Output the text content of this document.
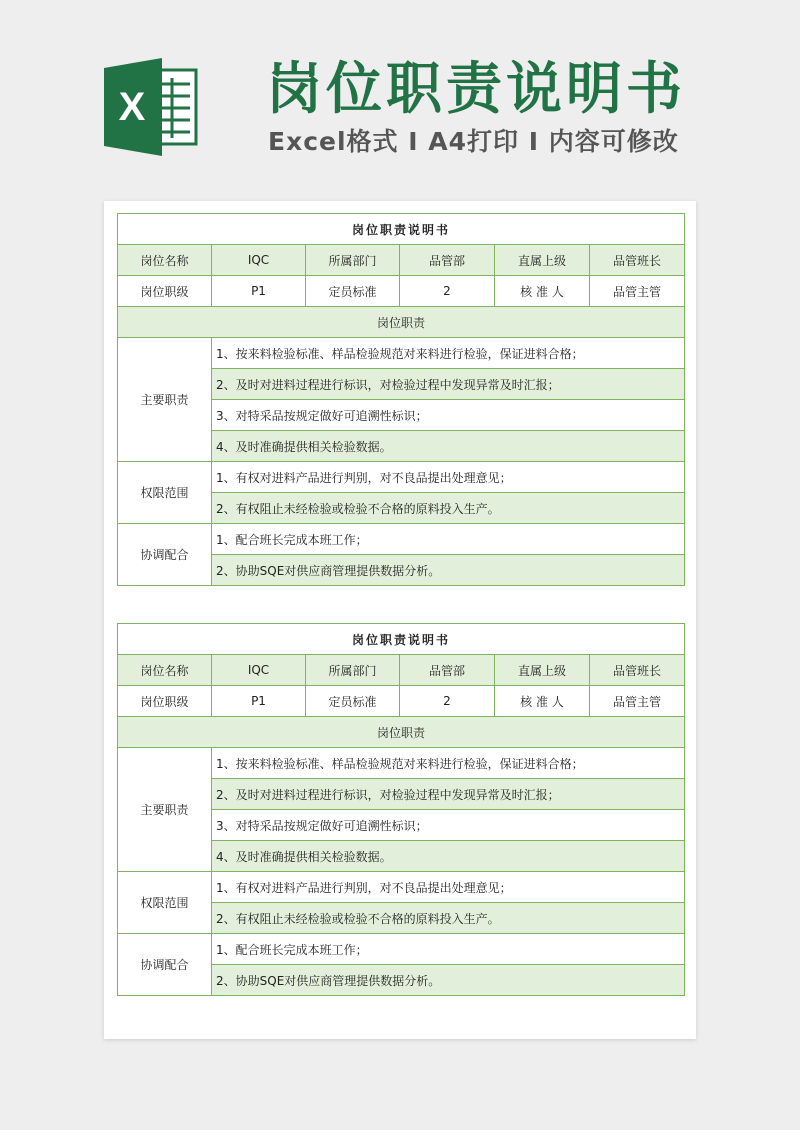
X 岗位职责说明书
Excel格式 I A4打印 I 内容可修改
岗位职责说明书					
岗位名称	IQC	所属部门	品管部	直属上级	品管班长
岗位职级	P1	定员标准	2	核 准 人	品管主管
岗位职责					
主要职责	1、按来料检验标准、样品检验规范对来料进行检验，保证进料合格；				
	2、及时对进料过程进行标识，对检验过程中发现异常及时汇报；				
	3、对特采品按规定做好可追溯性标识；				
	4、及时准确提供相关检验数据。				
权限范围	1、有权对进料产品进行判别，对不良品提出处理意见；				
	2、有权阻止未经检验或检验不合格的原料投入生产。				
协调配合	1、配合班长完成本班工作；				
	2、协助SQE对供应商管理提供数据分析。				
岗位职责说明书					
岗位名称	IQC	所属部门	品管部	直属上级	品管班长
岗位职级	P1	定员标准	2	核 准 人	品管主管
岗位职责					
主要职责	1、按来料检验标准、样品检验规范对来料进行检验，保证进料合格；				
	2、及时对进料过程进行标识，对检验过程中发现异常及时汇报；				
	3、对特采品按规定做好可追溯性标识；				
	4、及时准确提供相关检验数据。				
权限范围	1、有权对进料产品进行判别，对不良品提出处理意见；				
	2、有权阻止未经检验或检验不合格的原料投入生产。				
协调配合	1、配合班长完成本班工作；				
	2、协助SQE对供应商管理提供数据分析。				
